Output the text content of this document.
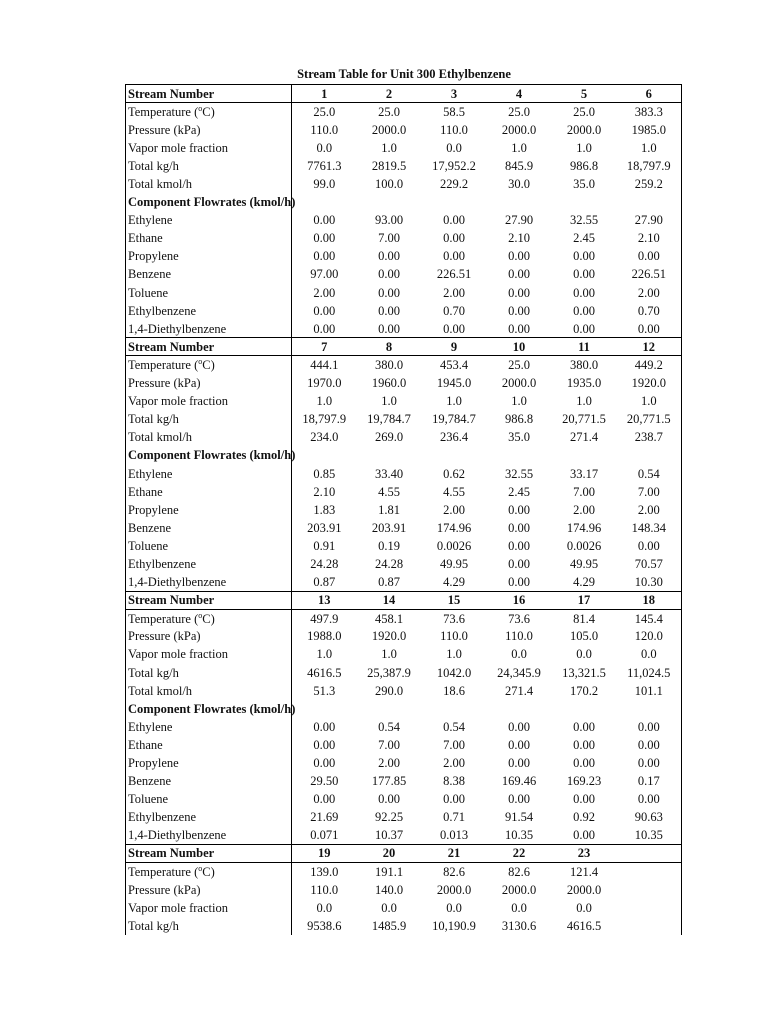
Stream Table for Unit 300 Ethylbenzene
Stream Number	1	2	3	4	5	6
Temperature ($^o$C)	25.0	25.0	58.5	25.0	25.0	383.3
Pressure (kPa)	110.0	2000.0	110.0	2000.0	2000.0	1985.0
Vapor mole fraction	0.0	1.0	0.0	1.0	1.0	1.0
Total kg/h	7761.3	2819.5	17,952.2	845.9	986.8	18,797.9
Total kmol/h	99.0	100.0	229.2	30.0	35.0	259.2
Component Flowrates (kmol/h)						
Ethylene	0.00	93.00	0.00	27.90	32.55	27.90
Ethane	0.00	7.00	0.00	2.10	2.45	2.10
Propylene	0.00	0.00	0.00	0.00	0.00	0.00
Benzene	97.00	0.00	226.51	0.00	0.00	226.51
Toluene	2.00	0.00	2.00	0.00	0.00	2.00
Ethylbenzene	0.00	0.00	0.70	0.00	0.00	0.70
1,4-Diethylbenzene	0.00	0.00	0.00	0.00	0.00	0.00
Stream Number	7	8	9	10	11	12
Temperature ($^o$C)	444.1	380.0	453.4	25.0	380.0	449.2
Pressure (kPa)	1970.0	1960.0	1945.0	2000.0	1935.0	1920.0
Vapor mole fraction	1.0	1.0	1.0	1.0	1.0	1.0
Total kg/h	18,797.9	19,784.7	19,784.7	986.8	20,771.5	20,771.5
Total kmol/h	234.0	269.0	236.4	35.0	271.4	238.7
Component Flowrates (kmol/h)						
Ethylene	0.85	33.40	0.62	32.55	33.17	0.54
Ethane	2.10	4.55	4.55	2.45	7.00	7.00
Propylene	1.83	1.81	2.00	0.00	2.00	2.00
Benzene	203.91	203.91	174.96	0.00	174.96	148.34
Toluene	0.91	0.19	0.0026	0.00	0.0026	0.00
Ethylbenzene	24.28	24.28	49.95	0.00	49.95	70.57
1,4-Diethylbenzene	0.87	0.87	4.29	0.00	4.29	10.30
Stream Number	13	14	15	16	17	18
Temperature ($^o$C)	497.9	458.1	73.6	73.6	81.4	145.4
Pressure (kPa)	1988.0	1920.0	110.0	110.0	105.0	120.0
Vapor mole fraction	1.0	1.0	1.0	0.0	0.0	0.0
Total kg/h	4616.5	25,387.9	1042.0	24,345.9	13,321.5	11,024.5
Total kmol/h	51.3	290.0	18.6	271.4	170.2	101.1
Component Flowrates (kmol/h)						
Ethylene	0.00	0.54	0.54	0.00	0.00	0.00
Ethane	0.00	7.00	7.00	0.00	0.00	0.00
Propylene	0.00	2.00	2.00	0.00	0.00	0.00
Benzene	29.50	177.85	8.38	169.46	169.23	0.17
Toluene	0.00	0.00	0.00	0.00	0.00	0.00
Ethylbenzene	21.69	92.25	0.71	91.54	0.92	90.63
1,4-Diethylbenzene	0.071	10.37	0.013	10.35	0.00	10.35
Stream Number	19	20	21	22	23	
Temperature ($^o$C)	139.0	191.1	82.6	82.6	121.4	
Pressure (kPa)	110.0	140.0	2000.0	2000.0	2000.0	
Vapor mole fraction	0.0	0.0	0.0	0.0	0.0	
Total kg/h	9538.6	1485.9	10,190.9	3130.6	4616.5	
